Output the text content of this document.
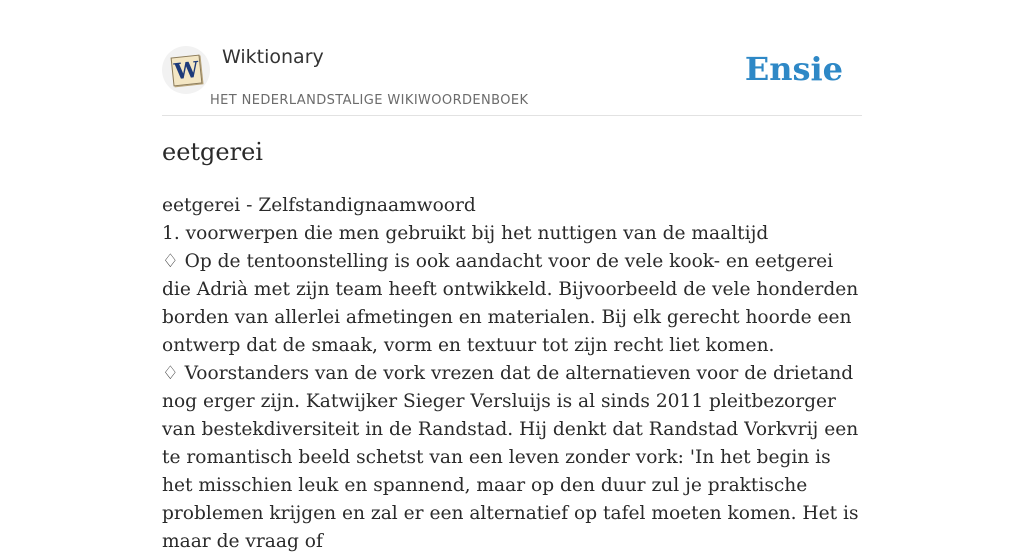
W Wiktionary
HET NEDERLANDSTALIGE WIKIWOORDENBOEK
Ensie
eetgerei

eetgerei - Zelfstandignaamwoord

1. voorwerpen die men gebruikt bij het nuttigen van de maaltijd

♢ Op de tentoonstelling is ook aandacht voor de vele kook- en eetgerei die Adrià met zijn team heeft ontwikkeld. Bijvoorbeeld de vele honderden borden van allerlei afmetingen en materialen. Bij elk gerecht hoorde een ontwerp dat de smaak, vorm en textuur tot zijn recht liet komen.

♢ Voorstanders van de vork vrezen dat de alternatieven voor de drietand nog erger zijn. Katwijker Sieger Versluijs is al sinds 2011 pleitbezorger van bestekdiversiteit in de Randstad. Hij denkt dat Randstad Vorkvrij een te romantisch beeld schetst van een leven zonder vork: 'In het begin is het misschien leuk en spannend, maar op den duur zul je praktische problemen krijgen en zal er een alternatief op tafel moeten komen. Het is maar de vraag of
